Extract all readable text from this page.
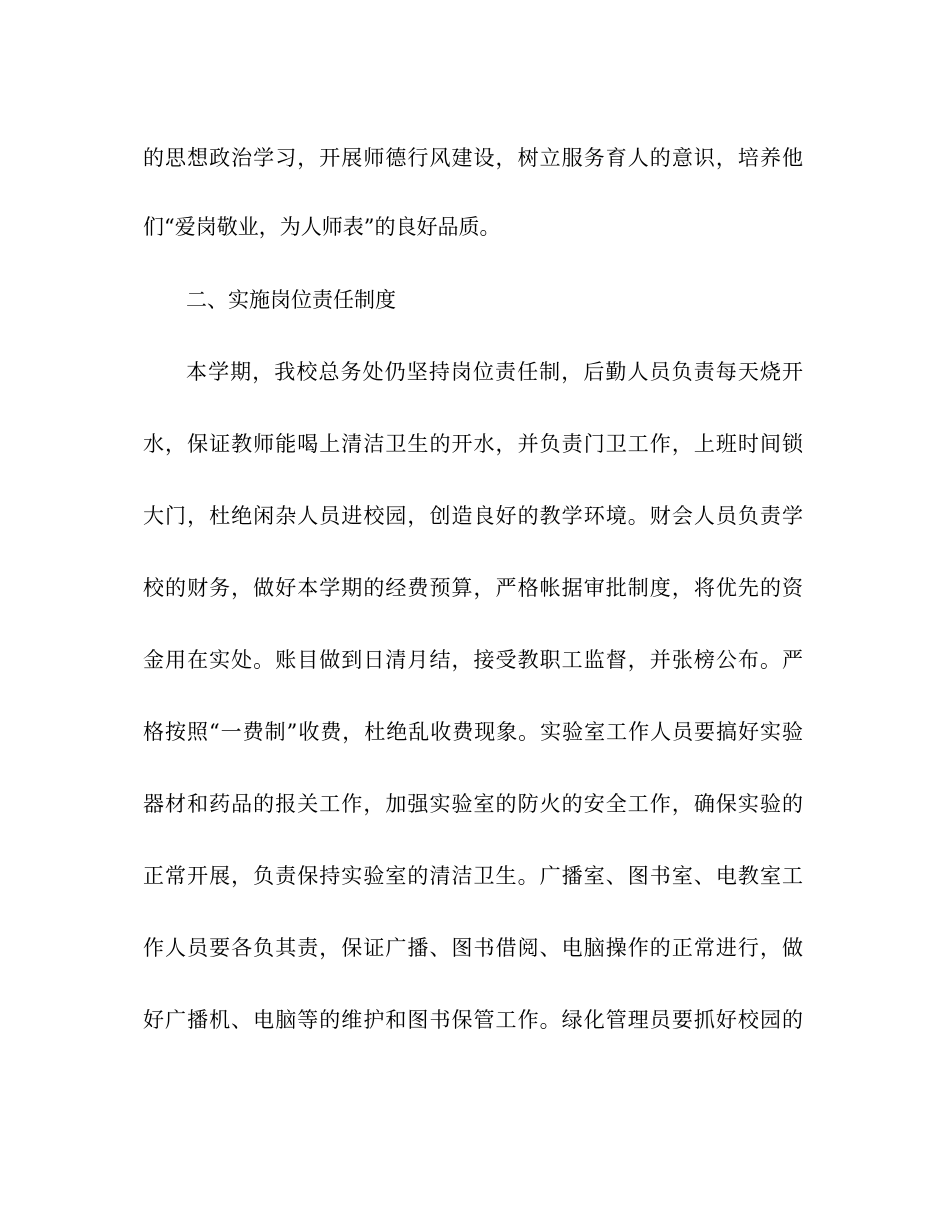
的思想政治学习，开展师德行风建设，树立服务育人的意识，培养他
们“爱岗敬业，为人师表”的良好品质。
二、实施岗位责任制度
本学期，我校总务处仍坚持岗位责任制，后勤人员负责每天烧开
水，保证教师能喝上清洁卫生的开水，并负责门卫工作，上班时间锁
大门，杜绝闲杂人员进校园，创造良好的教学环境。财会人员负责学
校的财务，做好本学期的经费预算，严格帐据审批制度，将优先的资
金用在实处。账目做到日清月结，接受教职工监督，并张榜公布。严
格按照“一费制”收费，杜绝乱收费现象。实验室工作人员要搞好实验
器材和药品的报关工作，加强实验室的防火的安全工作，确保实验的
正常开展，负责保持实验室的清洁卫生。广播室、图书室、电教室工
作人员要各负其责，保证广播、图书借阅、电脑操作的正常进行，做
好广播机、电脑等的维护和图书保管工作。绿化管理员要抓好校园的
